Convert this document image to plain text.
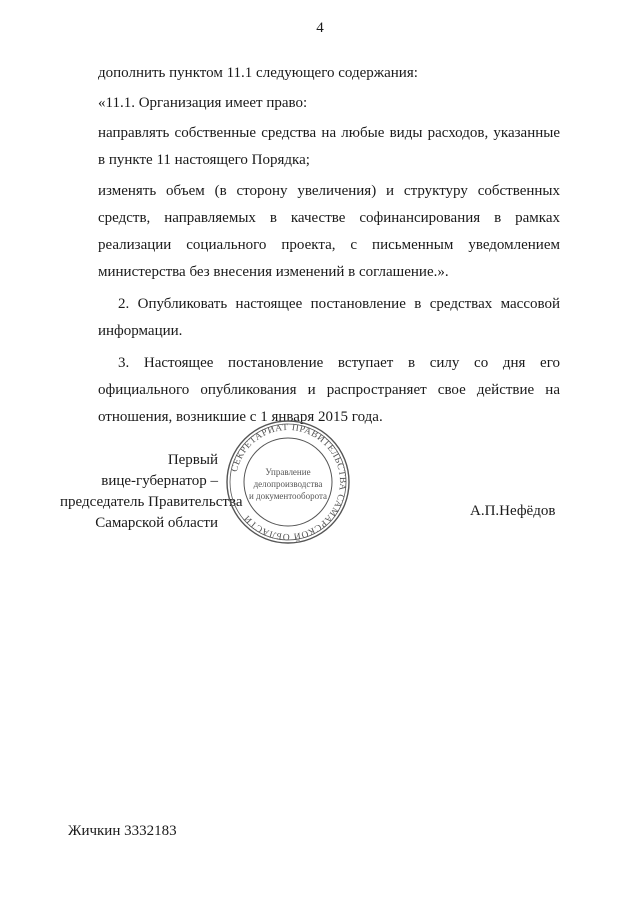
4

дополнить пунктом 11.1 следующего содержания:

«11.1. Организация имеет право:

направлять собственные средства на любые виды расходов, указанные в пункте 11 настоящего Порядка;

изменять объем (в сторону увеличения) и структуру собственных средств, направляемых в качестве софинансирования в рамках реализации социального проекта, с письменным уведомлением министерства без внесения изменений в соглашение.».

2. Опубликовать настоящее постановление в средствах массовой информации.

3. Настоящее постановление вступает в силу со дня его официального опубликования и распространяет свое действие на отношения, возникшие с 1 января 2015 года.

Первый
вице-губернатор –
председатель Правительства
Самарской области
СЕКРЕТАРИАТ ПРАВИТЕЛЬСТВА САМАРСКОЙ ОБЛАСТИ
Управление
делопроизводства
и документооборота
А.П.Нефёдов
Жичкин 3332183
